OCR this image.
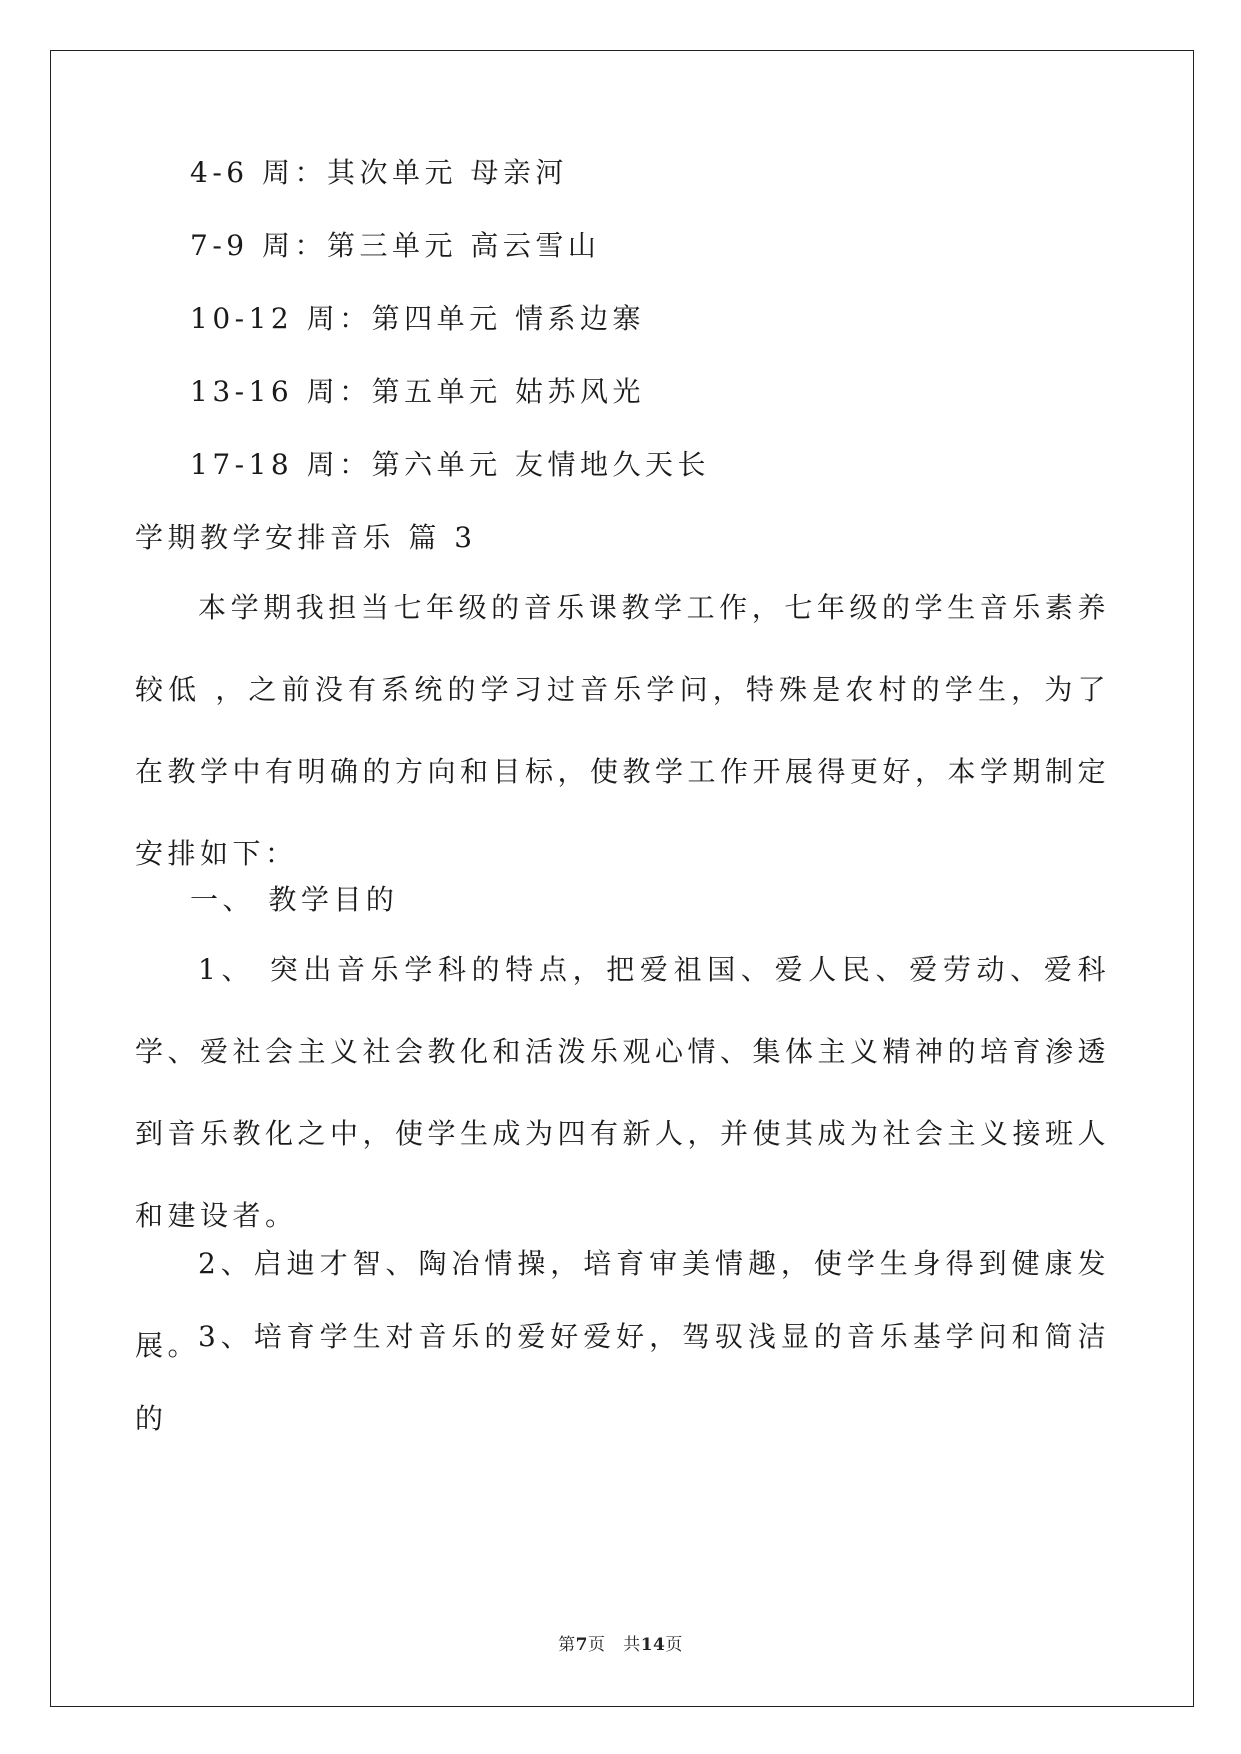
4-6 周：其次单元 母亲河
7-9 周：第三单元 高云雪山
10-12 周：第四单元 情系边寨
13-16 周：第五单元 姑苏风光
17-18 周：第六单元 友情地久天长
学期教学安排音乐 篇 3
本学期我担当七年级的音乐课教学工作，七年级的学生音乐素养较低 ，之前没有系统的学习过音乐学问，特殊是农村的学生，为了在教学中有明确的方向和目标，使教学工作开展得更好，本学期制定安排如下：
一、 教学目的
1、 突出音乐学科的特点，把爱祖国、爱人民、爱劳动、爱科学、爱社会主义社会教化和活泼乐观心情、集体主义精神的培育渗透到音乐教化之中，使学生成为四有新人，并使其成为社会主义接班人和建设者。
2、启迪才智、陶冶情操，培育审美情趣，使学生身得到健康发展。
3、培育学生对音乐的爱好爱好，驾驭浅显的音乐基学问和简洁的
第7页 共14页
